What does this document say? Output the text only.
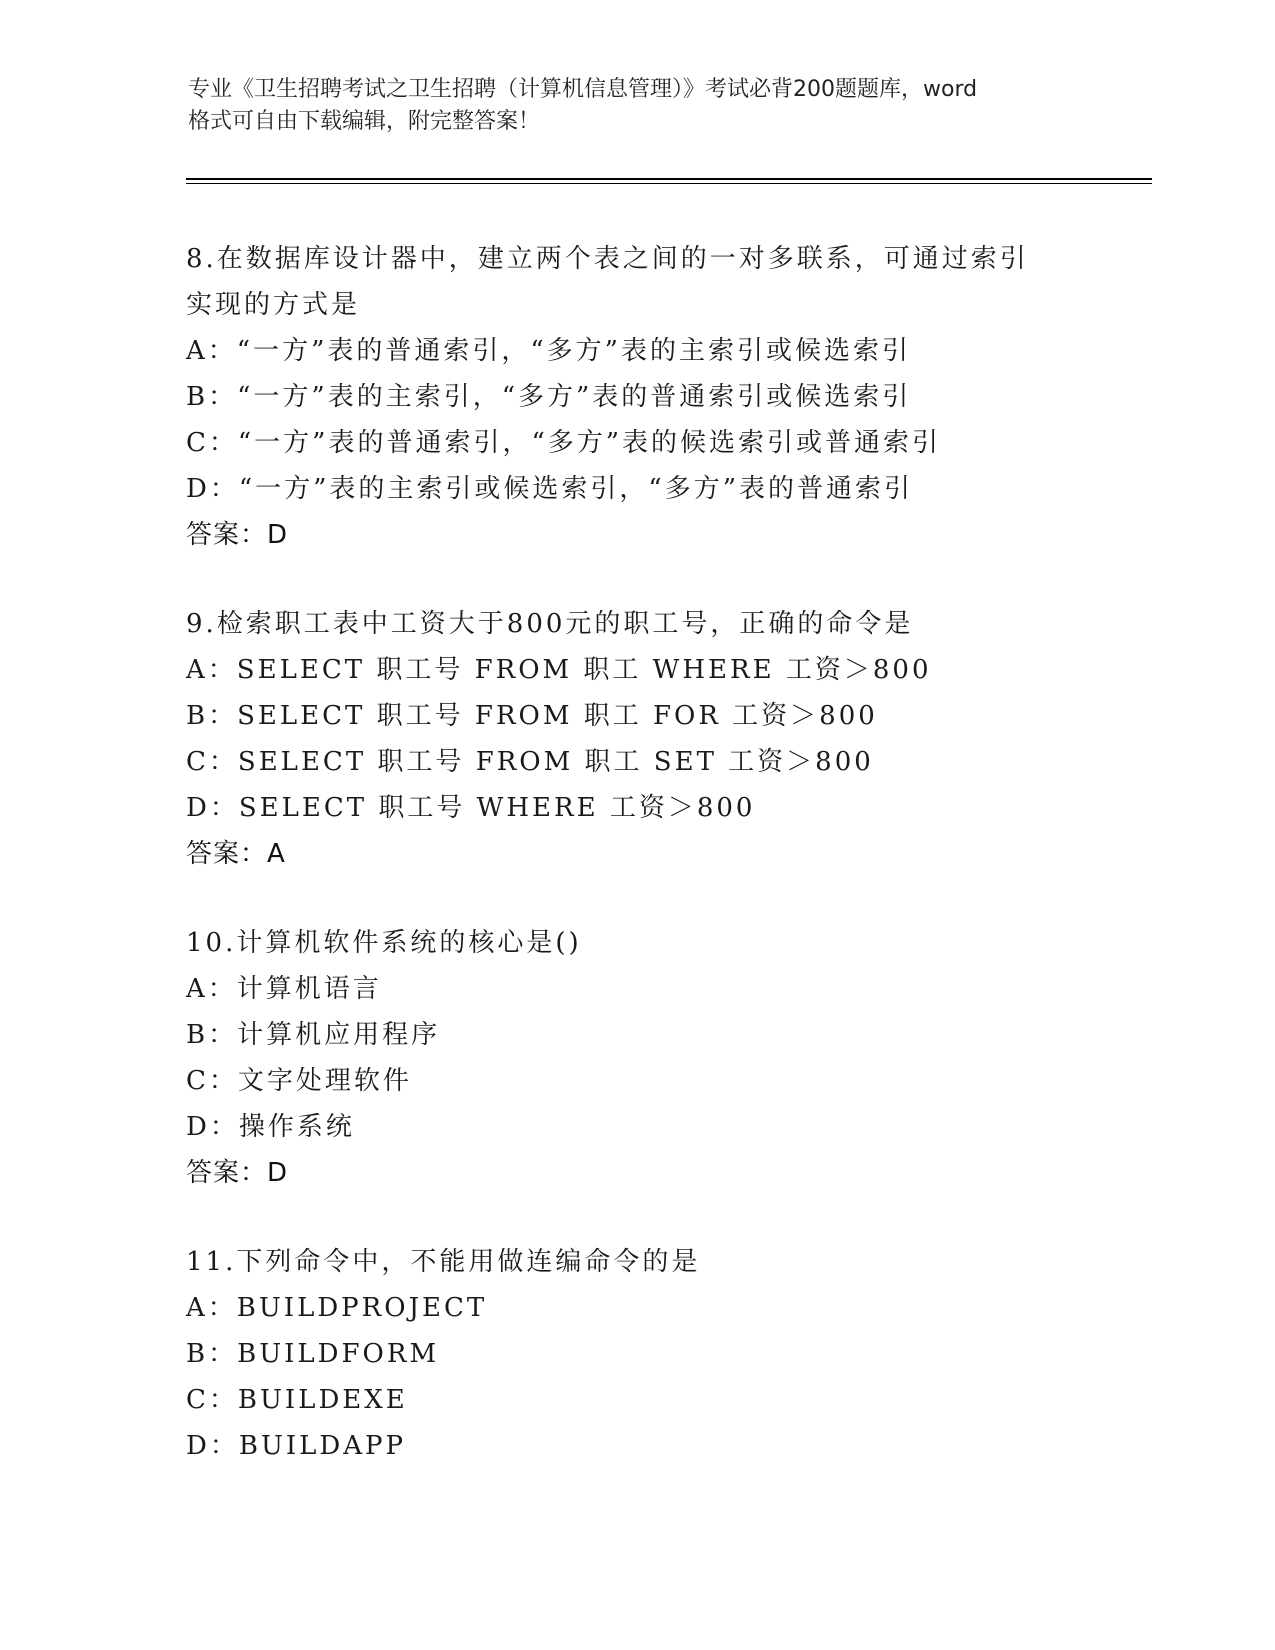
专业《卫生招聘考试之卫生招聘（计算机信息管理）》考试必背200题题库，word
格式可自由下载编辑，附完整答案！
8.在数据库设计器中，建立两个表之间的一对多联系，可通过索引实现的方式是
A：“一方”表的普通索引，“多方”表的主索引或候选索引
B：“一方”表的主索引，“多方”表的普通索引或候选索引
C：“一方”表的普通索引，“多方”表的候选索引或普通索引
D：“一方”表的主索引或候选索引，“多方”表的普通索引
答案：D
9.检索职工表中工资大于800元的职工号，正确的命令是
A：SELECT 职工号 FROM 职工 WHERE 工资＞800
B：SELECT 职工号 FROM 职工 FOR 工资＞800
C：SELECT 职工号 FROM 职工 SET 工资＞800
D：SELECT 职工号 WHERE 工资＞800
答案：A
10.计算机软件系统的核心是()
A：计算机语言
B：计算机应用程序
C：文字处理软件
D：操作系统
答案：D
11.下列命令中，不能用做连编命令的是
A：BUILDPROJECT
B：BUILDFORM
C：BUILDEXE
D：BUILDAPP
